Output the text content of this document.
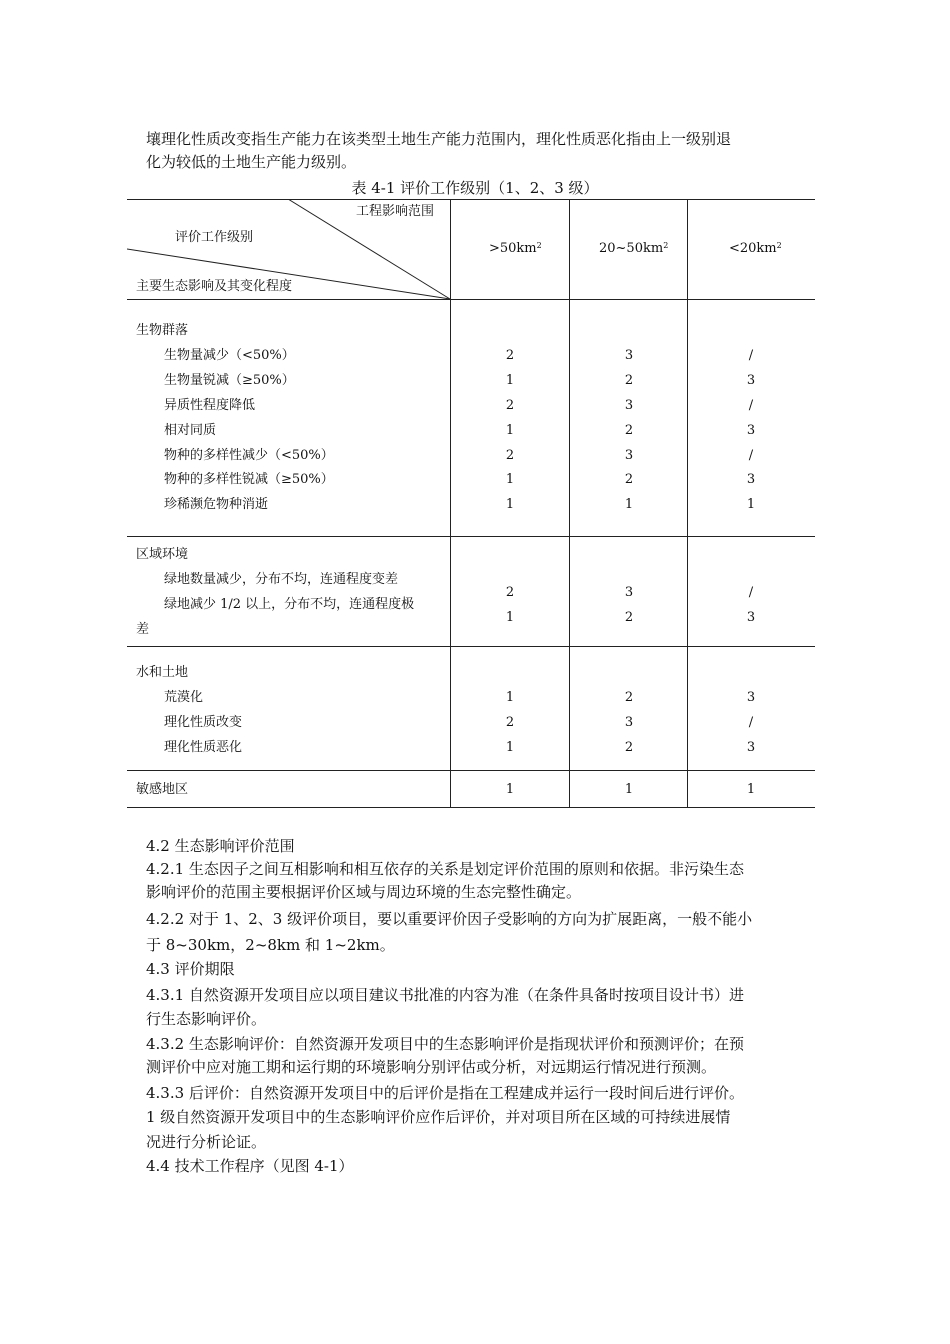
壤理化性质改变指生产能力在该类型土地生产能力范围内，理化性质恶化指由上一级别退
化为较低的土地生产能力级别。
表 4-1 评价工作级别（1、2、3 级）
工程影响范围
评价工作级别
主要生态影响及其变化程度
$>50km^2$	$20\sim 50km^2$	$<20km^2$
生物群落
生物量减少（<50%）	2	3	/
生物量锐减（≥50%）	1	2	3
异质性程度降低	2	3	/
相对同质	1	2	3
物种的多样性减少（<50%）	2	3	/
物种的多样性锐减（≥50%）	1	2	3
珍稀濒危物种消逝	1	1	1
区域环境
绿地数量减少，分布不均，连通程度变差
2	3	/
绿地减少 1/2 以上，分布不均，连通程度极
差
1	2	3
水和土地
荒漠化	1	2	3
理化性质改变	2	3	/
理化性质恶化	1	2	3
敏感地区	1	1	1
4.2 生态影响评价范围
4.2.1 生态因子之间互相影响和相互依存的关系是划定评价范围的原则和依据。非污染生态
影响评价的范围主要根据评价区域与周边环境的生态完整性确定。
4.2.2 对于 1、2、3 级评价项目，要以重要评价因子受影响的方向为扩展距离，一般不能小
于 8~30km，2~8km 和 1~2km。
4.3 评价期限
4.3.1 自然资源开发项目应以项目建议书批准的内容为准（在条件具备时按项目设计书）进
行生态影响评价。
4.3.2 生态影响评价：自然资源开发项目中的生态影响评价是指现状评价和预测评价；在预
测评价中应对施工期和运行期的环境影响分别评估或分析，对远期运行情况进行预测。
4.3.3 后评价：自然资源开发项目中的后评价是指在工程建成并运行一段时间后进行评价。
1 级自然资源开发项目中的生态影响评价应作后评价，并对项目所在区域的可持续进展情
况进行分析论证。
4.4 技术工作程序（见图 4-1）
